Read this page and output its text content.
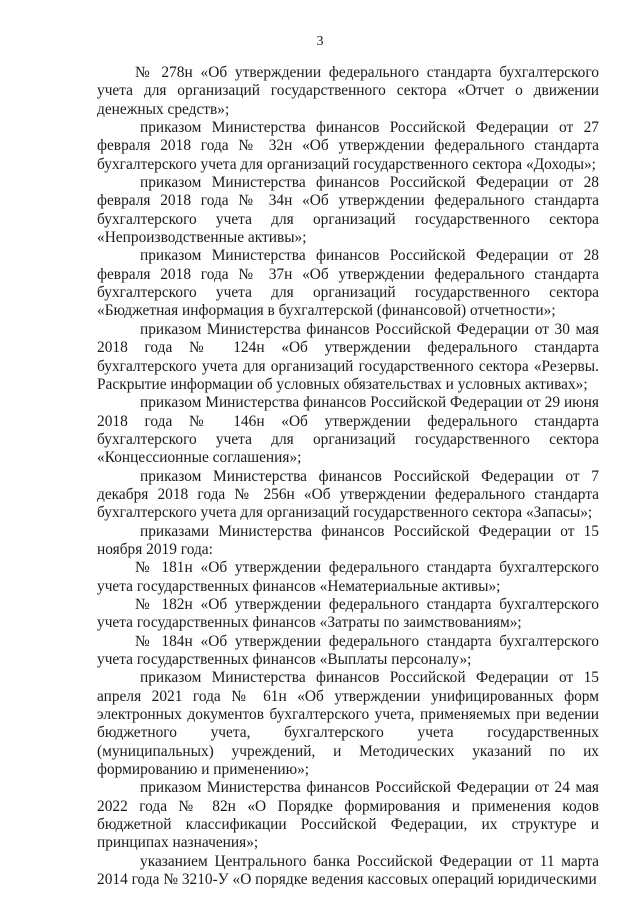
3

№ 278н «Об утверждении федерального стандарта бухгалтерского учета для организаций государственного сектора «Отчет о движении денежных средств»;

приказом Министерства финансов Российской Федерации от 27 февраля 2018 года № 32н «Об утверждении федерального стандарта бухгалтерского учета для организаций государственного сектора «Доходы»;

приказом Министерства финансов Российской Федерации от 28 февраля 2018 года № 34н «Об утверждении федерального стандарта бухгалтерского учета для организаций государственного сектора «Непроизводственные активы»;

приказом Министерства финансов Российской Федерации от 28 февраля 2018 года № 37н «Об утверждении федерального стандарта бухгалтерского учета для организаций государственного сектора «Бюджетная информация в бухгалтерской (финансовой) отчетности»;

приказом Министерства финансов Российской Федерации от 30 мая 2018 года № 124н «Об утверждении федерального стандарта бухгалтерского учета для организаций государственного сектора «Резервы. Раскрытие информации об условных обязательствах и условных активах»;

приказом Министерства финансов Российской Федерации от 29 июня 2018 года № 146н «Об утверждении федерального стандарта бухгалтерского учета для организаций государственного сектора «Концессионные соглашения»;

приказом Министерства финансов Российской Федерации от 7 декабря 2018 года № 256н «Об утверждении федерального стандарта бухгалтерского учета для организаций государственного сектора «Запасы»;

приказами Министерства финансов Российской Федерации от 15 ноября 2019 года:

№ 181н «Об утверждении федерального стандарта бухгалтерского учета государственных финансов «Нематериальные активы»;

№ 182н «Об утверждении федерального стандарта бухгалтерского учета государственных финансов «Затраты по заимствованиям»;

№ 184н «Об утверждении федерального стандарта бухгалтерского учета государственных финансов «Выплаты персоналу»;

приказом Министерства финансов Российской Федерации от 15 апреля 2021 года № 61н «Об утверждении унифицированных форм электронных документов бухгалтерского учета, применяемых при ведении бюджетного учета, бухгалтерского учета государственных (муниципальных) учреждений, и Методических указаний по их формированию и применению»;

приказом Министерства финансов Российской Федерации от 24 мая 2022 года № 82н «О Порядке формирования и применения кодов бюджетной классификации Российской Федерации, их структуре и принципах назначения»;

указанием Центрального банка Российской Федерации от 11 марта 2014 года № 3210-У «О порядке ведения кассовых операций юридическими
